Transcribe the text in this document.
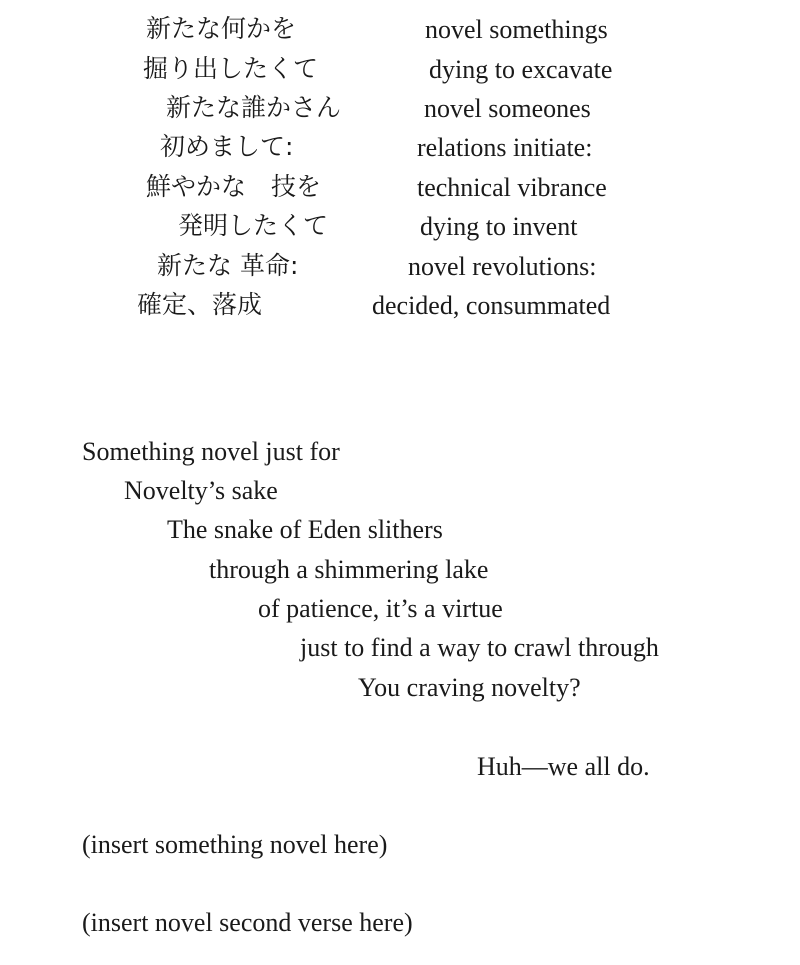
新たな何かを	novel somethings
掘り出したくて	dying to excavate
新たな誰かさん	novel someones
初めまして:	relations initiate:
鮮やかな　技を	technical vibrance
発明したくて	dying to invent
新たな 革命:	novel revolutions:
確定、落成	decided, consummated
Something novel just for
Novelty’s sake
The snake of Eden slithers
through a shimmering lake
of patience, it’s a virtue
just to find a way to crawl through
You craving novelty?
Huh—we all do.
(insert something novel here)
(insert novel second verse here)
